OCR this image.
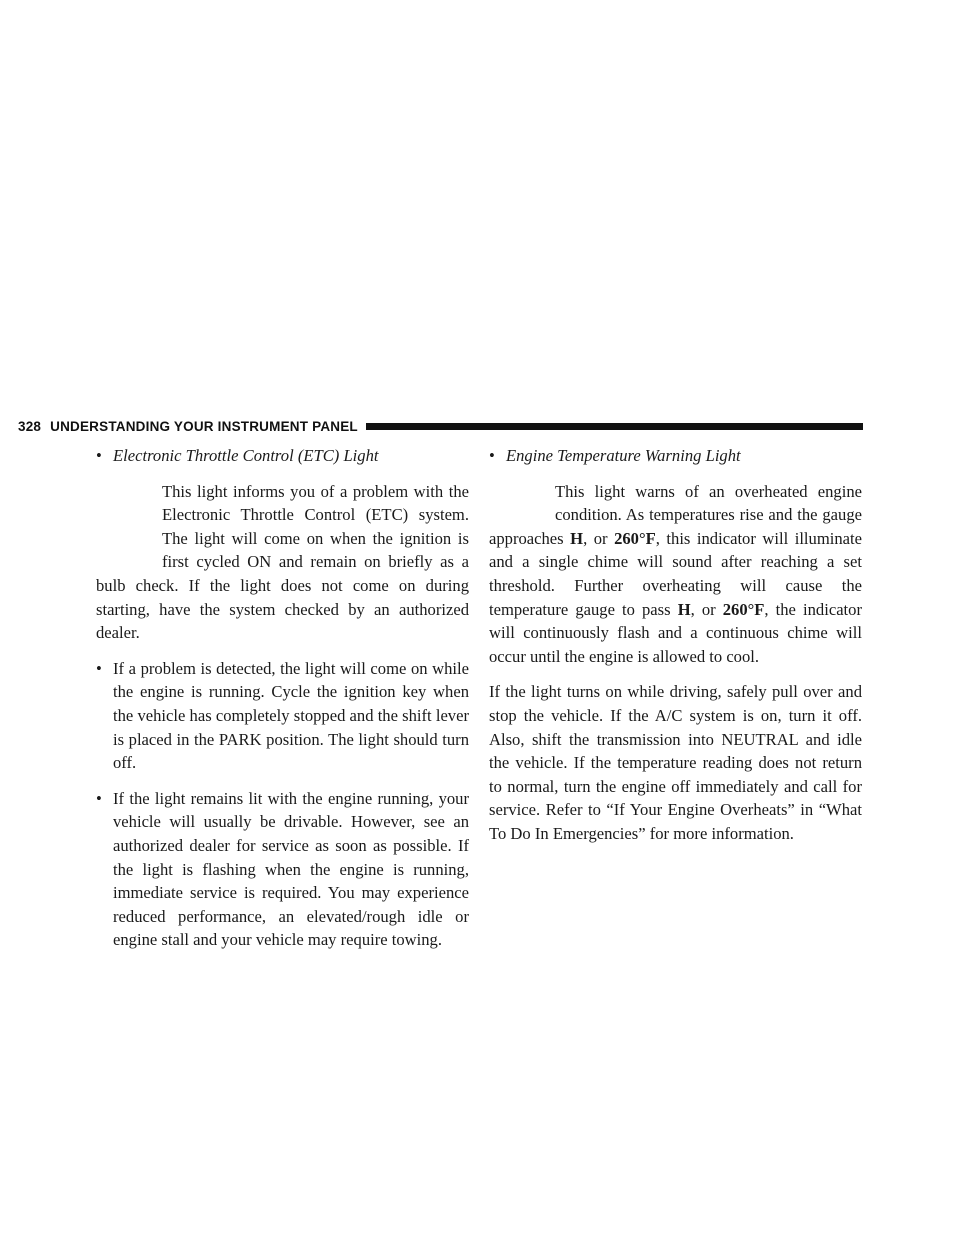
328 UNDERSTANDING YOUR INSTRUMENT PANEL
• Electronic Throttle Control (ETC) Light

This light informs you of a problem with the Electronic Throttle Control (ETC) system. The light will come on when the ignition is first cycled ON and remain on briefly as a bulb check. If the light does not come on during starting, have the system checked by an authorized dealer.

• If a problem is detected, the light will come on while the engine is running. Cycle the ignition key when the vehicle has completely stopped and the shift lever is placed in the PARK position. The light should turn off.
• If the light remains lit with the engine running, your vehicle will usually be drivable. However, see an authorized dealer for service as soon as possible. If the light is flashing when the engine is running, immediate service is required. You may experience reduced performance, an elevated/rough idle or engine stall and your vehicle may require towing.
• Engine Temperature Warning Light

This light warns of an overheated engine condition. As temperatures rise and the gauge approaches H, or 260°F, this indicator will illuminate and a single chime will sound after reaching a set threshold. Further overheating will cause the temperature gauge to pass H, or 260°F, the indicator will continuously flash and a continuous chime will occur until the engine is allowed to cool.

If the light turns on while driving, safely pull over and stop the vehicle. If the A/C system is on, turn it off. Also, shift the transmission into NEUTRAL and idle the vehicle. If the temperature reading does not return to normal, turn the engine off immediately and call for service. Refer to “If Your Engine Overheats” in “What To Do In Emergencies” for more information.
